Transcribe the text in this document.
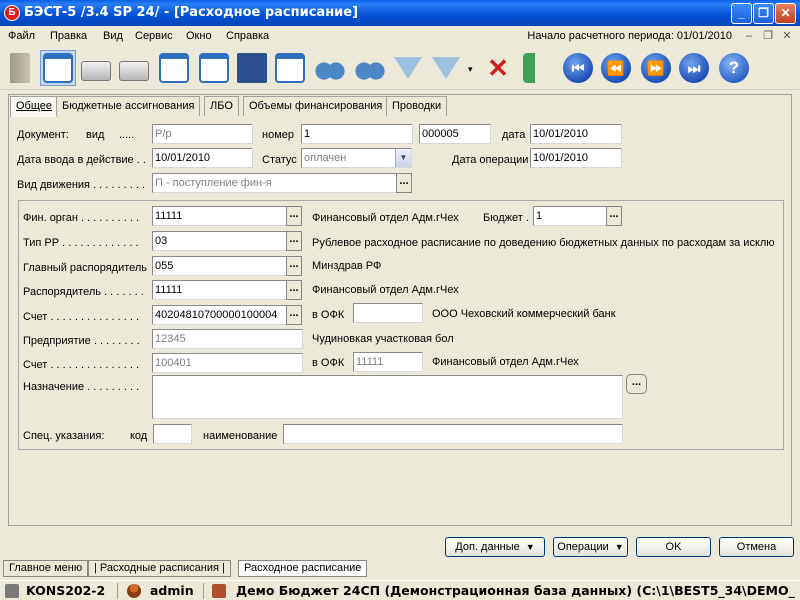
Б БЭСТ-5 /3.4 SP 24/ - [Расходное расписание]	_	❐ ✕
Файл Правка Вид Сервис Окно Справка	Начало расчетного периода: 01/01/2010	–	❐ ✕
▾ ✕	⏮	⏪	⏩	⏭	?
Общее Бюджетные ассигнования	ЛБО	Объемы финансирования Проводки
Документ: вид ..... Р/р	номер 1	000005	дата 10/01/2010
Дата ввода в действие . . 10/01/2010	Статус оплачен	▼	Дата операции 10/01/2010
Вид движения . . . . . . . . . П - поступление фин-я	...
Фин. орган . . . . . . . . . . 11111	...	Финансовый отдел Адм.гЧех Бюджет . 1	...
Тип РР . . . . . . . . . . . . . 03	...	Рублевое расходное расписание по доведению бюджетных данных по расходам за исклю
Главный распорядитель 055	...	Минздрав РФ
Распорядитель . . . . . . . 11111	...	Финансовый отдел Адм.гЧех
Счет . . . . . . . . . . . . . . . 40204810700000100004	...	в ОФК	ООО Чеховский коммерческий банк
Предприятие . . . . . . . . 12345	Чудиновкая участковая бол
Счет . . . . . . . . . . . . . . . 100401	в ОФК 11111	Финансовый отдел Адм.гЧех
Назначение . . . . . . . . .	...
Спец. указания: код	наименование
Доп. данные ▼	Операции ▼	OK	Отмена
Главное меню	| Расходные расписания |	Расходное расписание
KONS202-2	admin	Демо Бюджет 24СП (Демонстрационная база данных) (C:\1\BEST5_34\DEMO_
